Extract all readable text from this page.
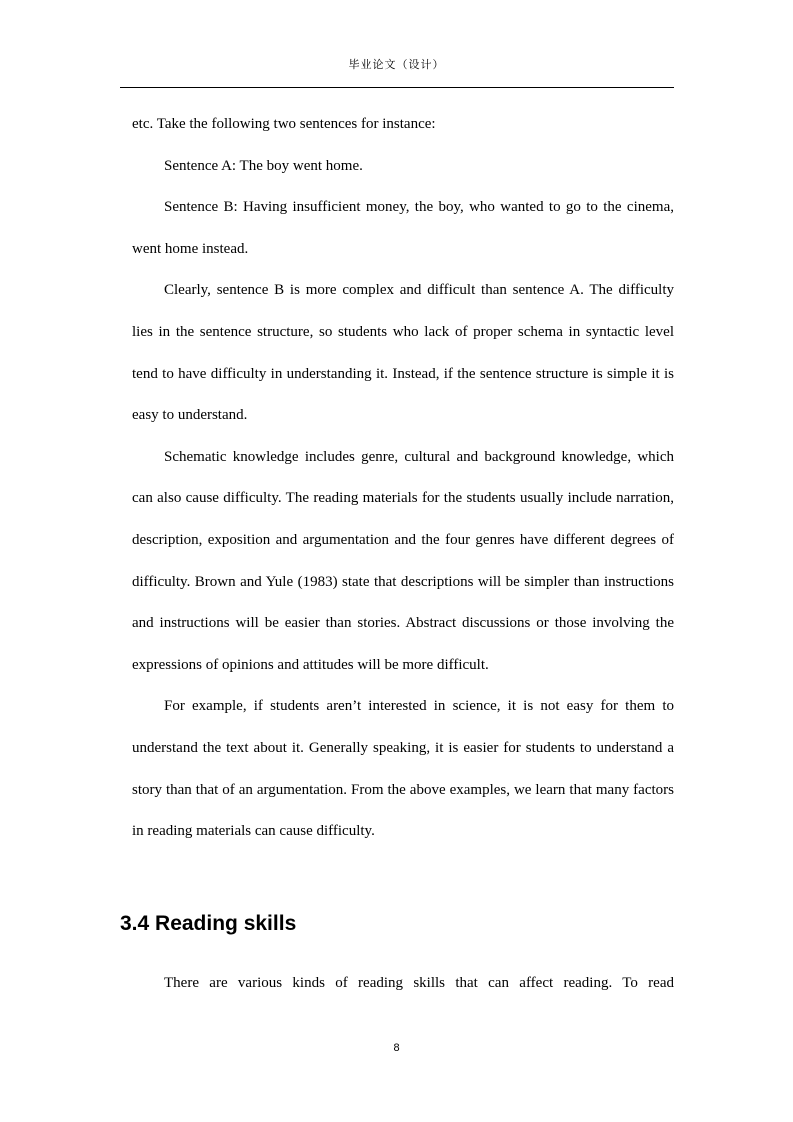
毕业论文（设计）

etc. Take the following two sentences for instance:

Sentence A: The boy went home.

Sentence B: Having insufficient money, the boy, who wanted to go to the cinema, went home instead.

Clearly, sentence B is more complex and difficult than sentence A. The difficulty lies in the sentence structure, so students who lack of proper schema in syntactic level tend to have difficulty in understanding it. Instead, if the sentence structure is simple it is easy to understand.

Schematic knowledge includes genre, cultural and background knowledge, which can also cause difficulty. The reading materials for the students usually include narration, description, exposition and argumentation and the four genres have different degrees of difficulty. Brown and Yule (1983) state that descriptions will be simpler than instructions and instructions will be easier than stories. Abstract discussions or those involving the expressions of opinions and attitudes will be more difficult.

For example, if students aren’t interested in science, it is not easy for them to understand the text about it. Generally speaking, it is easier for students to understand a story than that of an argumentation. From the above examples, we learn that many factors in reading materials can cause difficulty.

3.4 Reading skills

There are various kinds of reading skills that can affect reading. To read

8
